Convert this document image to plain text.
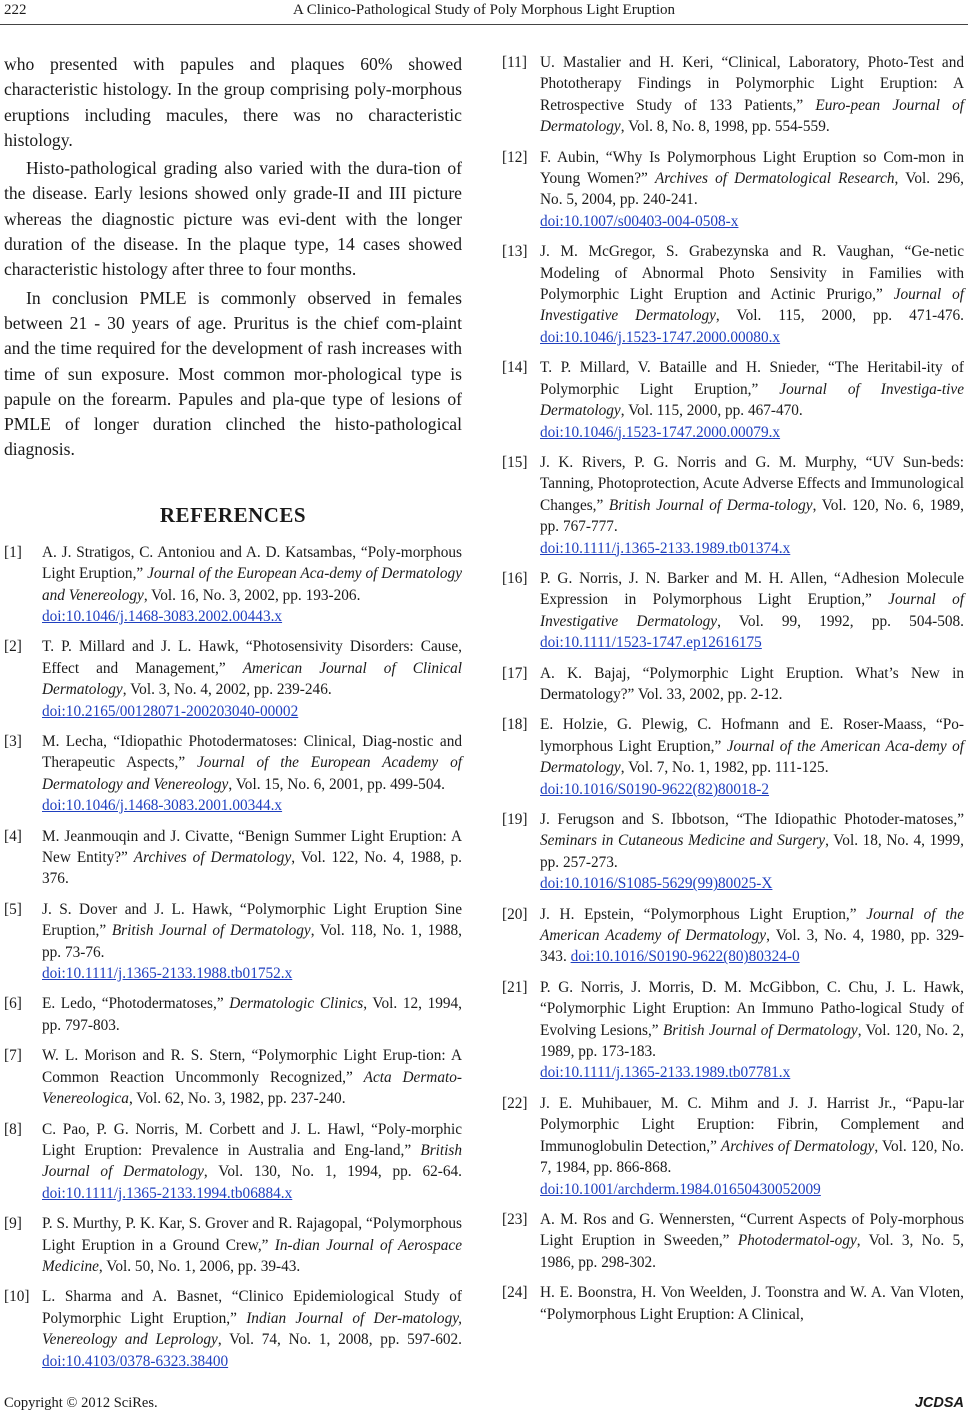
222	A Clinico-Pathological Study of Poly Morphous Light Eruption

who presented with papules and plaques 60% showed characteristic histology. In the group comprising poly-morphous eruptions including macules, there was no characteristic histology.

Histo-pathological grading also varied with the dura-tion of the disease. Early lesions showed only grade-II and III picture whereas the diagnostic picture was evi-dent with the longer duration of the disease. In the plaque type, 14 cases showed characteristic histology after three to four months.

In conclusion PMLE is commonly observed in females between 21 - 30 years of age. Pruritus is the chief com-plaint and the time required for the development of rash increases with time of sun exposure. Most common mor-phological type is papule on the forearm. Papules and pla-que type of lesions of PMLE of longer duration clinched the histo-pathological diagnosis.

REFERENCES
[1] A. J. Stratigos, C. Antoniou and A. D. Katsambas, “Poly-morphous Light Eruption,” Journal of the European Aca-demy of Dermatology and Venereology, Vol. 16, No. 3, 2002, pp. 193-206.
doi:10.1046/j.1468-3083.2002.00443.x
[2] T. P. Millard and J. L. Hawk, “Photosensivity Disorders: Cause, Effect and Management,” American Journal of Clinical Dermatology, Vol. 3, No. 4, 2002, pp. 239-246.
doi:10.2165/00128071-200203040-00002
[3] M. Lecha, “Idiopathic Photodermatoses: Clinical, Diag-nostic and Therapeutic Aspects,” Journal of the European Academy of Dermatology and Venereology, Vol. 15, No. 6, 2001, pp. 499-504.
doi:10.1046/j.1468-3083.2001.00344.x
[4] M. Jeanmouqin and J. Civatte, “Benign Summer Light Eruption: A New Entity?” Archives of Dermatology, Vol. 122, No. 4, 1988, p. 376.
[5] J. S. Dover and J. L. Hawk, “Polymorphic Light Eruption Sine Eruption,” British Journal of Dermatology, Vol. 118, No. 1, 1988, pp. 73-76.
doi:10.1111/j.1365-2133.1988.tb01752.x
[6] E. Ledo, “Photodermatoses,” Dermatologic Clinics, Vol. 12, 1994, pp. 797-803.
[7] W. L. Morison and R. S. Stern, “Polymorphic Light Erup-tion: A Common Reaction Uncommonly Recognized,” Acta Dermato-Venereologica, Vol. 62, No. 3, 1982, pp. 237-240.
[8] C. Pao, P. G. Norris, M. Corbett and J. L. Hawl, “Poly-morphic Light Eruption: Prevalence in Australia and Eng-land,” British Journal of Dermatology, Vol. 130, No. 1, 1994, pp. 62-64. doi:10.1111/j.1365-2133.1994.tb06884.x
[9] P. S. Murthy, P. K. Kar, S. Grover and R. Rajagopal, “Polymorphous Light Eruption in a Ground Crew,” In-dian Journal of Aerospace Medicine, Vol. 50, No. 1, 2006, pp. 39-43.
[10] L. Sharma and A. Basnet, “Clinico Epidemiological Study of Polymorphic Light Eruption,” Indian Journal of Der-matology, Venereology and Leprology, Vol. 74, No. 1, 2008, pp. 597-602. doi:10.4103/0378-6323.38400
[11] U. Mastalier and H. Keri, “Clinical, Laboratory, Photo-Test and Phototherapy Findings in Polymorphic Light Eruption: A Retrospective Study of 133 Patients,” Euro-pean Journal of Dermatology, Vol. 8, No. 8, 1998, pp. 554-559.
[12] F. Aubin, “Why Is Polymorphous Light Eruption so Com-mon in Young Women?” Archives of Dermatological Research, Vol. 296, No. 5, 2004, pp. 240-241.
doi:10.1007/s00403-004-0508-x
[13] J. M. McGregor, S. Grabezynska and R. Vaughan, “Ge-netic Modeling of Abnormal Photo Sensivity in Families with Polymorphic Light Eruption and Actinic Prurigo,” Journal of Investigative Dermatology, Vol. 115, 2000, pp. 471-476. doi:10.1046/j.1523-1747.2000.00080.x
[14] T. P. Millard, V. Bataille and H. Snieder, “The Heritabil-ity of Polymorphic Light Eruption,” Journal of Investiga-tive Dermatology, Vol. 115, 2000, pp. 467-470.
doi:10.1046/j.1523-1747.2000.00079.x
[15] J. K. Rivers, P. G. Norris and G. M. Murphy, “UV Sun-beds: Tanning, Photoprotection, Acute Adverse Effects and Immunological Changes,” British Journal of Derma-tology, Vol. 120, No. 6, 1989, pp. 767-777.
doi:10.1111/j.1365-2133.1989.tb01374.x
[16] P. G. Norris, J. N. Barker and M. H. Allen, “Adhesion Molecule Expression in Polymorphous Light Eruption,” Journal of Investigative Dermatology, Vol. 99, 1992, pp. 504-508. doi:10.1111/1523-1747.ep12616175
[17] A. K. Bajaj, “Polymorphic Light Eruption. What’s New in Dermatology?” Vol. 33, 2002, pp. 2-12.
[18] E. Holzie, G. Plewig, C. Hofmann and E. Roser-Maass, “Po-lymorphous Light Eruption,” Journal of the American Aca-demy of Dermatology, Vol. 7, No. 1, 1982, pp. 111-125.
doi:10.1016/S0190-9622(82)80018-2
[19] J. Ferugson and S. Ibbotson, “The Idiopathic Photoder-matoses,” Seminars in Cutaneous Medicine and Surgery, Vol. 18, No. 4, 1999, pp. 257-273.
doi:10.1016/S1085-5629(99)80025-X
[20] J. H. Epstein, “Polymorphous Light Eruption,” Journal of the American Academy of Dermatology, Vol. 3, No. 4, 1980, pp. 329-343. doi:10.1016/S0190-9622(80)80324-0
[21] P. G. Norris, J. Morris, D. M. McGibbon, C. Chu, J. L. Hawk, “Polymorphic Light Eruption: An Immuno Patho-logical Study of Evolving Lesions,” British Journal of Dermatology, Vol. 120, No. 2, 1989, pp. 173-183.
doi:10.1111/j.1365-2133.1989.tb07781.x
[22] J. E. Muhibauer, M. C. Mihm and J. J. Harrist Jr., “Papu-lar Polymorphic Light Eruption: Fibrin, Complement and Immunoglobulin Detection,” Archives of Dermatology, Vol. 120, No. 7, 1984, pp. 866-868.
doi:10.1001/archderm.1984.01650430052009
[23] A. M. Ros and G. Wennersten, “Current Aspects of Poly-morphous Light Eruption in Sweeden,” Photodermatol-ogy, Vol. 3, No. 5, 1986, pp. 298-302.
[24] H. E. Boonstra, H. Von Weelden, J. Toonstra and W. A. Van Vloten, “Polymorphous Light Eruption: A Clinical,
Copyright © 2012 SciRes.	JCDSA
